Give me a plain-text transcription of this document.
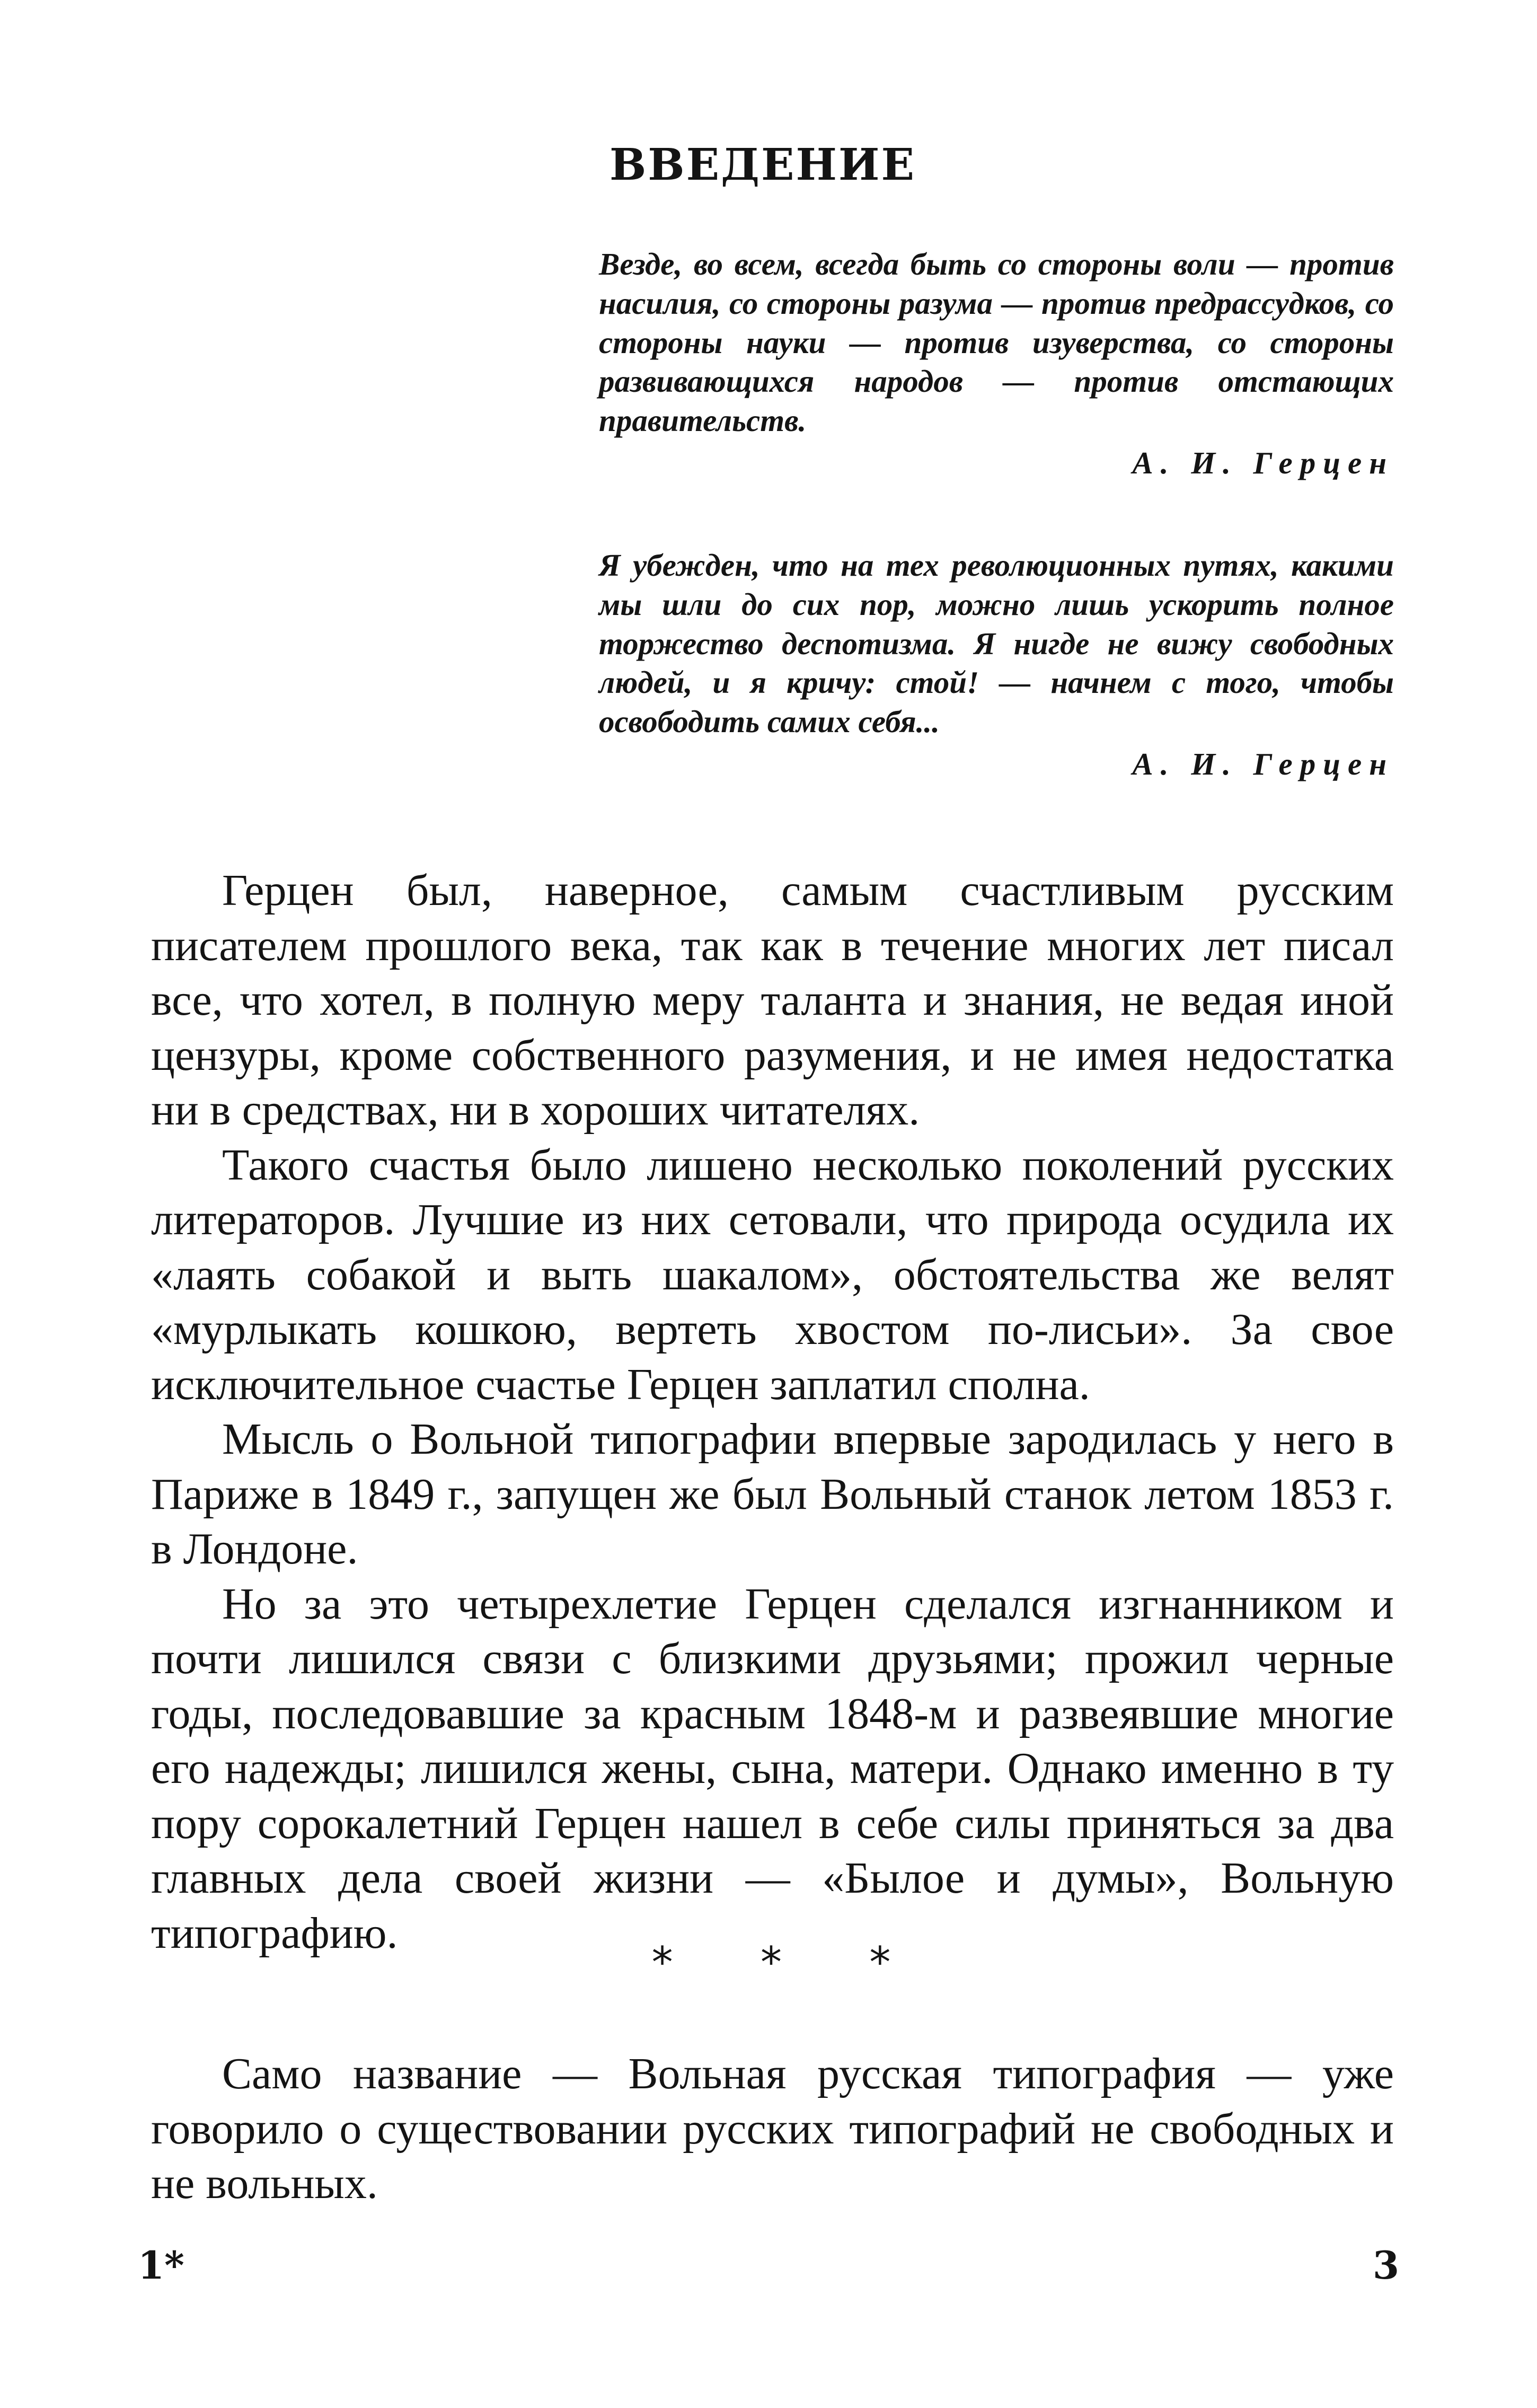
ВВЕДЕНИЕ

Везде, во всем, всегда быть со стороны воли — против насилия, со стороны разума — против предрассудков, со стороны науки — против изуверства, со стороны развивающихся народов — против отстающих правительств.

А. И. Герцен

Я убежден, что на тех революционных путях, какими мы шли до сих пор, можно лишь ускорить полное торжество деспотизма. Я нигде не вижу свободных людей, и я кричу: стой! — начнем с того, чтобы освободить самих себя...

А. И. Герцен

Герцен был, наверное, самым счастливым русским писателем прошлого века, так как в течение многих лет писал все, что хотел, в полную меру таланта и знания, не ведая иной цензуры, кроме собственного разумения, и не имея недостатка ни в средствах, ни в хороших читателях.

Такого счастья было лишено несколько поколений русских литераторов. Лучшие из них сетовали, что природа осудила их «лаять собакой и выть шакалом», обстоятельства же велят «мурлыкать кошкою, вертеть хвостом по-лисьи». За свое исключительное счастье Герцен заплатил сполна.

Мысль о Вольной типографии впервые зародилась у него в Париже в 1849 г., запущен же был Вольный станок летом 1853 г. в Лондоне.

Но за это четырехлетие Герцен сделался изгнанником и почти лишился связи с близкими друзьями; прожил черные годы, последовавшие за красным 1848-м и развеявшие многие его надежды; лишился жены, сына, матери. Однако именно в ту пору сорокалетний Герцен нашел в себе силы приняться за два главных дела своей жизни — «Былое и думы», Вольную типографию.

* * *

Само название — Вольная русская типография — уже говорило о существовании русских типографий не свободных и не вольных.

1*	3
